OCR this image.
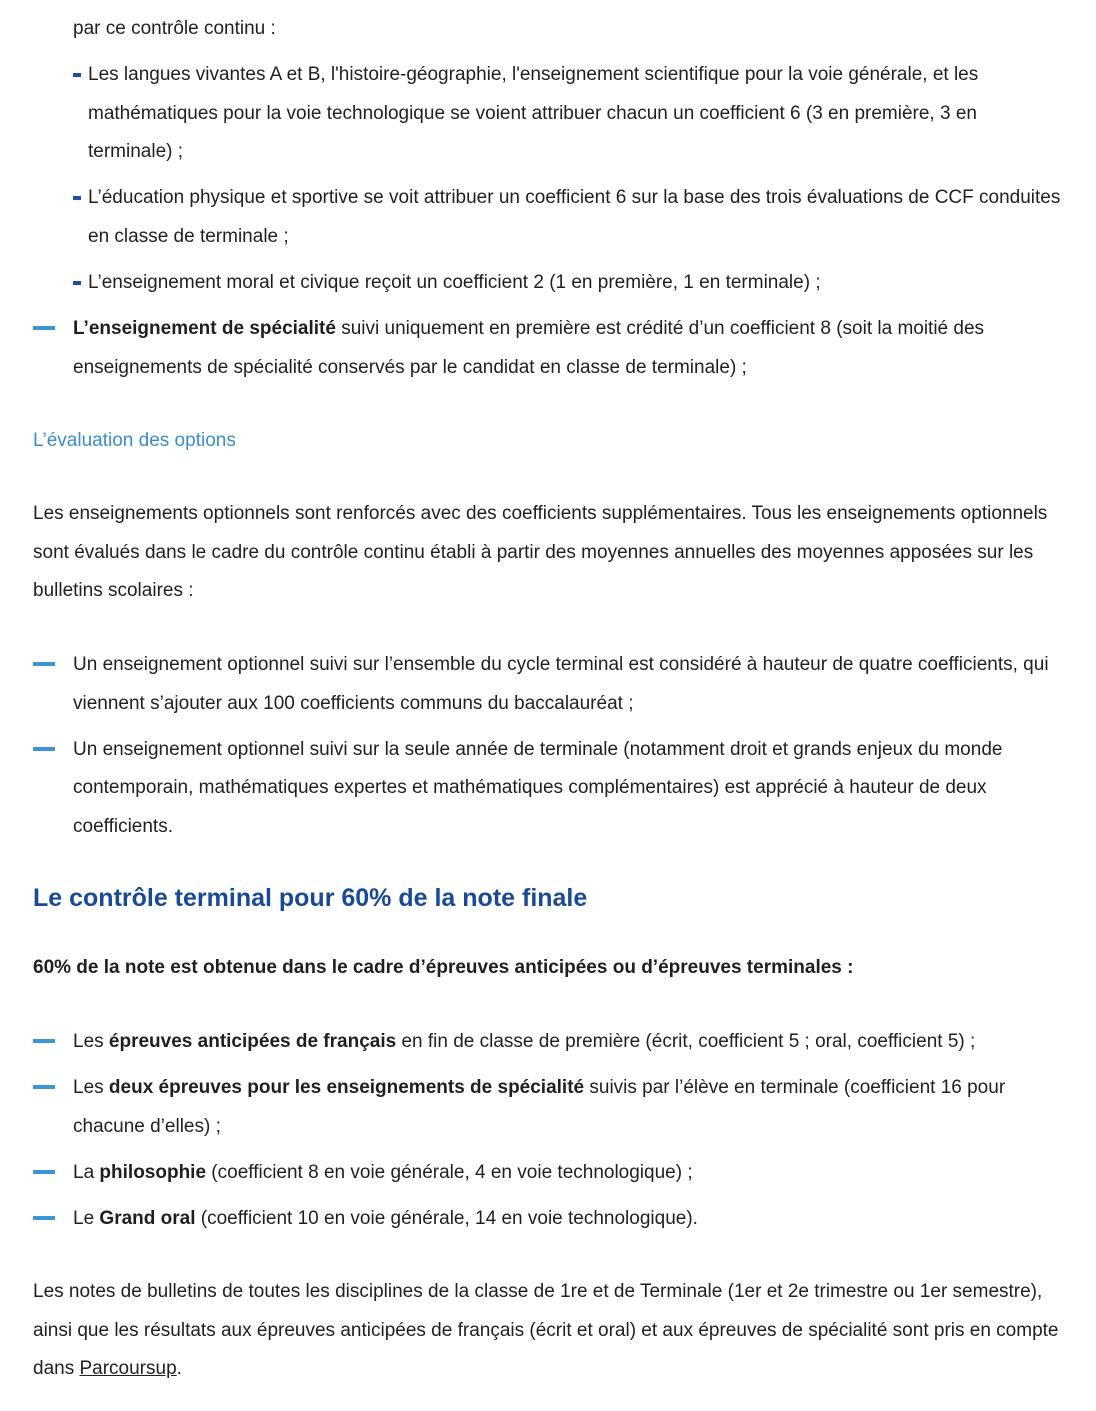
par ce contrôle continu :

Les langues vivantes A et B, l'histoire-géographie, l'enseignement scientifique pour la voie générale, et les mathématiques pour la voie technologique se voient attribuer chacun un coefficient 6 (3 en première, 3 en terminale) ;
L’éducation physique et sportive se voit attribuer un coefficient 6 sur la base des trois évaluations de CCF conduites en classe de terminale ;
L’enseignement moral et civique reçoit un coefficient 2 (1 en première, 1 en terminale) ;
L’enseignement de spécialité suivi uniquement en première est crédité d’un coefficient 8 (soit la moitié des enseignements de spécialité conservés par le candidat en classe de terminale) ;

L’évaluation des options

Les enseignements optionnels sont renforcés avec des coefficients supplémentaires. Tous les enseignements optionnels sont évalués dans le cadre du contrôle continu établi à partir des moyennes annuelles des moyennes apposées sur les bulletins scolaires :

Un enseignement optionnel suivi sur l’ensemble du cycle terminal est considéré à hauteur de quatre coefficients, qui viennent s’ajouter aux 100 coefficients communs du baccalauréat ;
Un enseignement optionnel suivi sur la seule année de terminale (notamment droit et grands enjeux du monde contemporain, mathématiques expertes et mathématiques complémentaires) est apprécié à hauteur de deux coefficients.
Le contrôle terminal pour 60% de la note finale

60% de la note est obtenue dans le cadre d’épreuves anticipées ou d’épreuves terminales :

Les épreuves anticipées de français en fin de classe de première (écrit, coefficient 5 ; oral, coefficient 5) ;
Les deux épreuves pour les enseignements de spécialité suivis par l’élève en terminale (coefficient 16 pour chacune d’elles) ;
La philosophie (coefficient 8 en voie générale, 4 en voie technologique) ;
Le Grand oral (coefficient 10 en voie générale, 14 en voie technologique).

Les notes de bulletins de toutes les disciplines de la classe de 1re et de Terminale (1er et 2e trimestre ou 1er semestre), ainsi que les résultats aux épreuves anticipées de français (écrit et oral) et aux épreuves de spécialité sont pris en compte dans Parcoursup.
